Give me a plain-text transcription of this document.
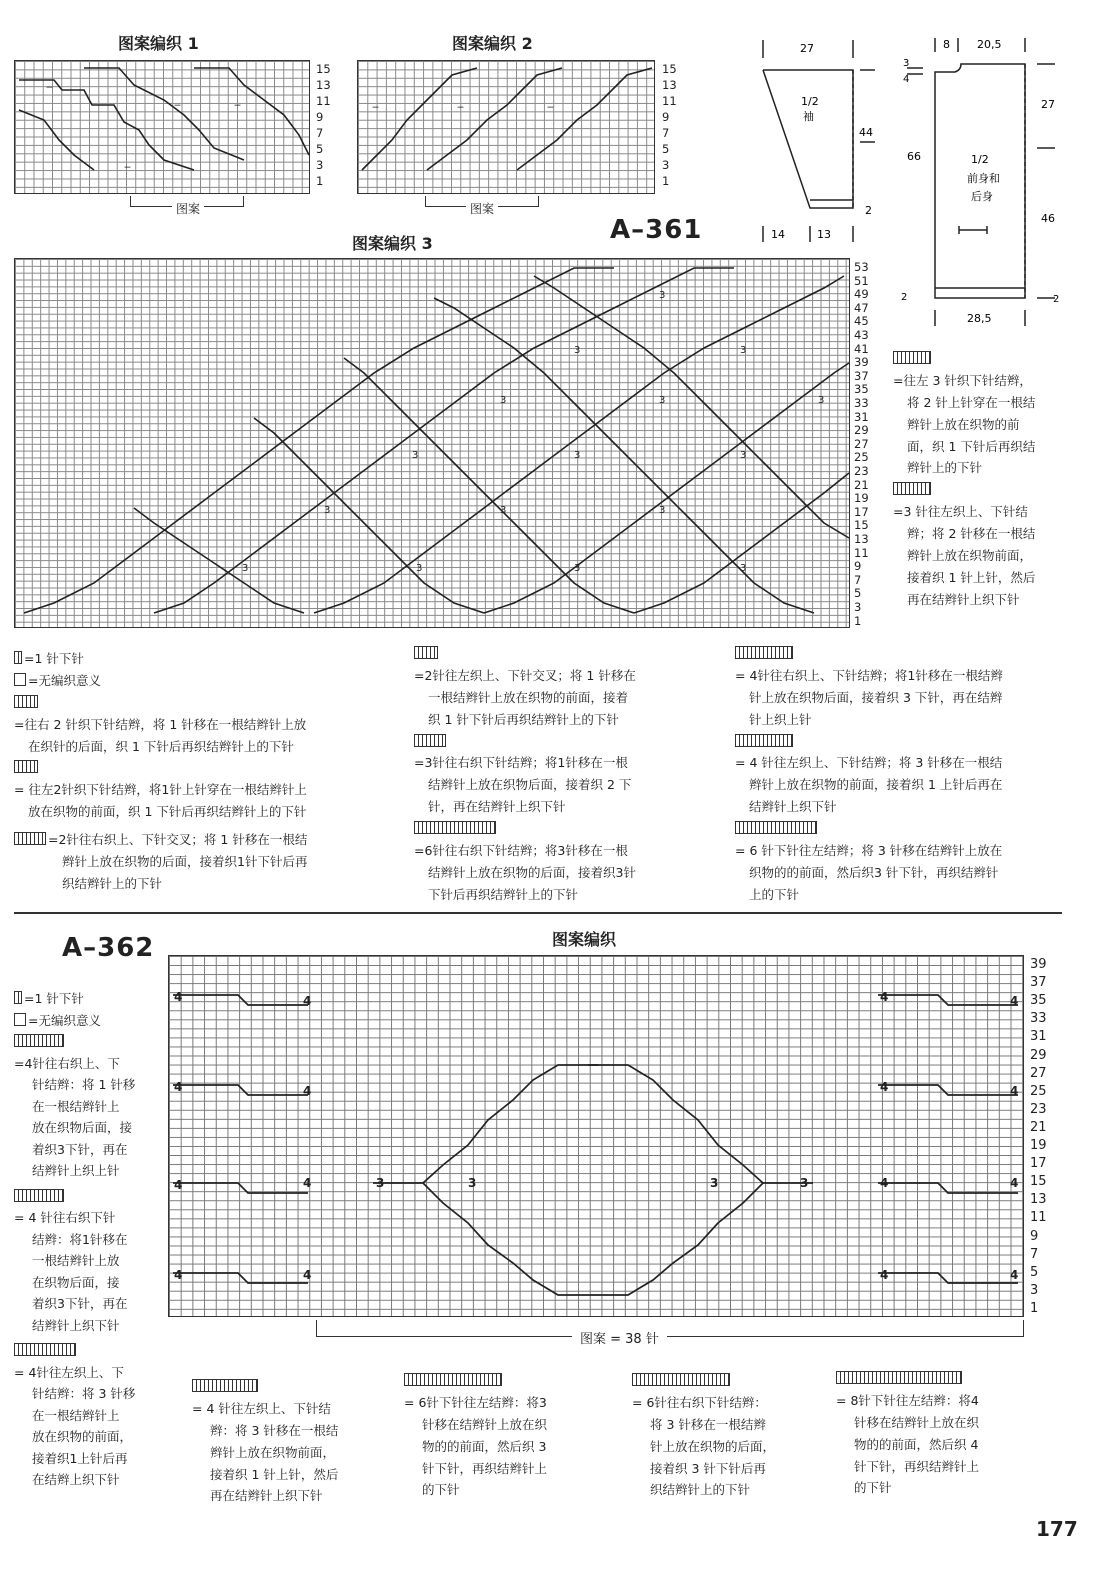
图案编织 1	图案编织 2
‒
‒
‒
‒
15
13
11
9
7
5
3
1
图案
‒	‒	‒
15
13
11
9
7
5
3
1
图案
A–361
27
1/2
袖
44
14	13
2
8 20,5
3
4
27
66
46
1/2
前身和
后身
28,5
2	2
图案编织 3
3
3
3
3
3
3
3
3
3
3
3
3
3
3
3
3
53
51
49
47
45
43
41
39
37
35
33
31
29
27
25
23
21
19
17
15
13
11
9
7
5
3
1
=往左 3 针织下针结辫，
将 2 针上针穿在一根结
辫针上放在织物的前
面，织 1 下针后再织结
辫针上的下针
=3 针往左织上、下针结
辫；将 2 针移在一根结
辫针上放在织物前面，
接着织 1 针上针，然后
再在结辫针上织下针
=1 针下针
=无编织意义
=往右 2 针织下针结辫，将 1 针移在一根结辫针上放
在织针的后面，织 1 下针后再织结辫针上的下针
= 往左2针织下针结辫，将1针上针穿在一根结辫针上
放在织物的前面，织 1 下针后再织结辫针上的下针
=2针往右织上、下针交叉；将 1 针移在一根结
辫针上放在织物的后面，接着织1针下针后再
织结辫针上的下针
=2针往左织上、下针交叉；将 1 针移在
一根结辫针上放在织物的前面，接着
织 1 针下针后再织结辫针上的下针
=3针往右织下针结辫；将1针移在一根
结辫针上放在织物后面，接着织 2 下
针，再在结辫针上织下针
=6针往右织下针结辫；将3针移在一根
结辫针上放在织物的后面，接着织3针
下针后再织结辫针上的下针
= 4针往右织上、下针结辫；将1针移在一根结辫
针上放在织物后面，接着织 3 下针，再在结辫
针上织上针
= 4 针往左织上、下针结辫；将 3 针移在一根结
辫针上放在织物的前面，接着织 1 上针后再在
结辫针上织下针
= 6 针下针往左结辫；将 3 针移在结辫针上放在
织物的的前面，然后织3 针下针，再织结辫针
上的下针
A–362	图案编织
4	4
4	4
4	4
4	4
4	4
4	4
4	4
4	4
3	3	3	3
39
37
35
33
31
29
27
25
23
21
19
17
15
13
11
9
7
5
3
1
图案 = 38 针
=1 针下针
=无编织意义
=4针往右织上、下
针结辫：将 1 针移
在一根结辫针上
放在织物后面，接
着织3下针，再在
结辫针上织上针
= 4 针往右织下针
结辫：将1针移在
一根结辫针上放
在织物后面，接
着织3下针，再在
结辫针上织下针
= 4针往左织上、下
针结辫：将 3 针移
在一根结辫针上
放在织物的前面，
接着织1上针后再
在结辫上织下针
= 4 针往左织上、下针结
辫：将 3 针移在一根结
辫针上放在织物前面，
接着织 1 针上针，然后
再在结辫针上织下针
= 6针下针往左结辫：将3
针移在结辫针上放在织
物的的前面，然后织 3
针下针，再织结辫针上
的下针
= 6针往右织下针结辫：
将 3 针移在一根结辫
针上放在织物的后面，
接着织 3 针下针后再
织结辫针上的下针
= 8针下针往左结辫：将4
针移在结辫针上放在织
物的的前面，然后织 4
针下针，再织结辫针上
的下针
177
